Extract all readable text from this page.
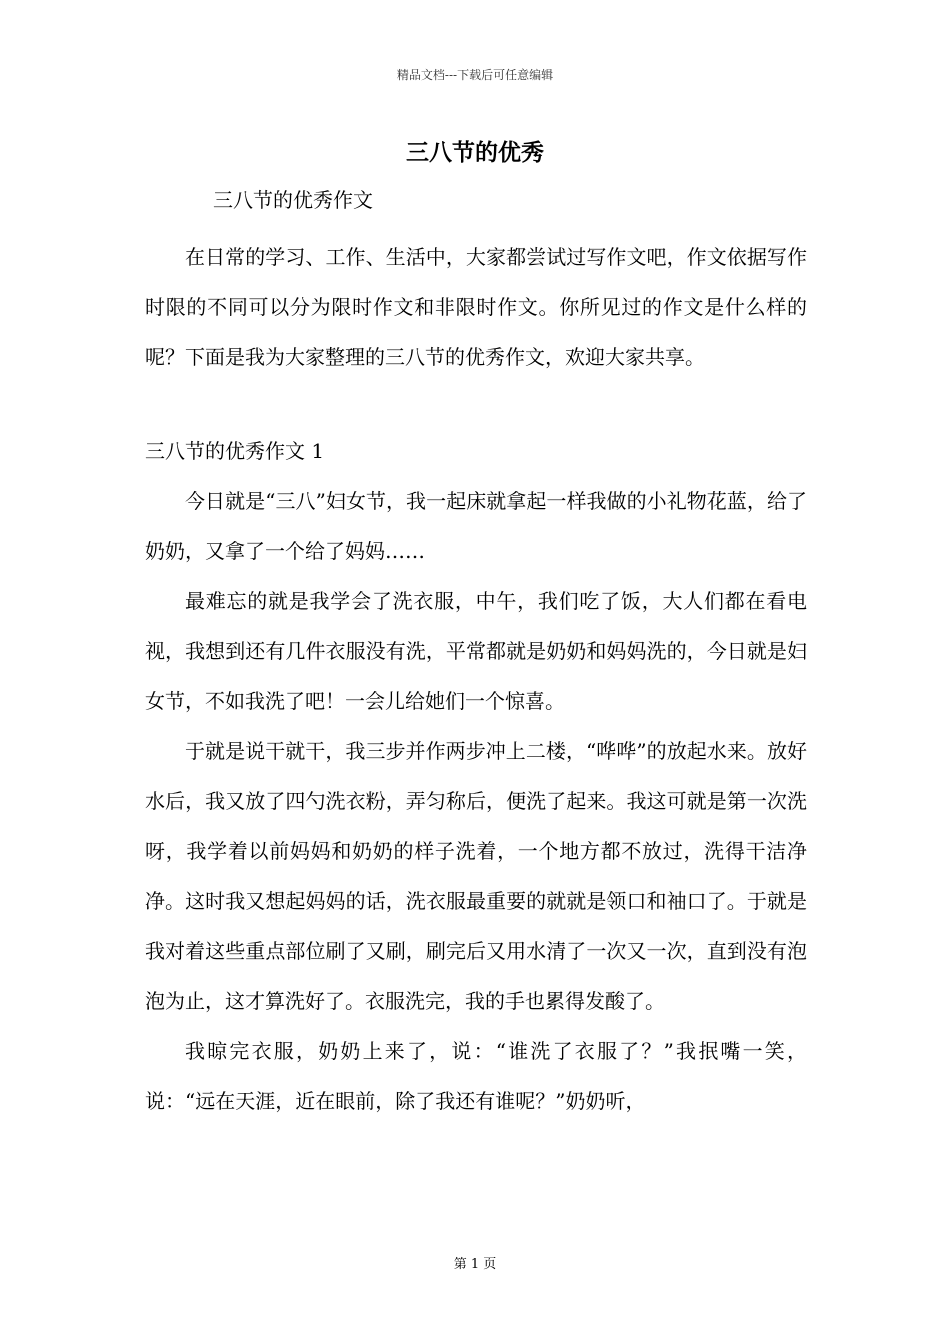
精品文档---下载后可任意编辑
三八节的优秀

三八节的优秀作文

在日常的学习、工作、生活中，大家都尝试过写作文吧，作文依据写作时限的不同可以分为限时作文和非限时作文。你所见过的作文是什么样的呢？下面是我为大家整理的三八节的优秀作文，欢迎大家共享。

三八节的优秀作文 1

今日就是“三八”妇女节，我一起床就拿起一样我做的小礼物花蓝，给了奶奶，又拿了一个给了妈妈……

最难忘的就是我学会了洗衣服，中午，我们吃了饭，大人们都在看电视，我想到还有几件衣服没有洗，平常都就是奶奶和妈妈洗的，今日就是妇女节，不如我洗了吧！一会儿给她们一个惊喜。

于就是说干就干，我三步并作两步冲上二楼，“哗哗”的放起水来。放好水后，我又放了四勺洗衣粉，弄匀称后，便洗了起来。我这可就是第一次洗呀，我学着以前妈妈和奶奶的样子洗着，一个地方都不放过，洗得干洁净净。这时我又想起妈妈的话，洗衣服最重要的就就是领口和袖口了。于就是我对着这些重点部位刷了又刷，刷完后又用水清了一次又一次，直到没有泡泡为止，这才算洗好了。衣服洗完，我的手也累得发酸了。

我晾完衣服，奶奶上来了，说：“谁洗了衣服了？”我抿嘴一笑，说：“远在天涯，近在眼前，除了我还有谁呢？”奶奶听，

第 1 页
